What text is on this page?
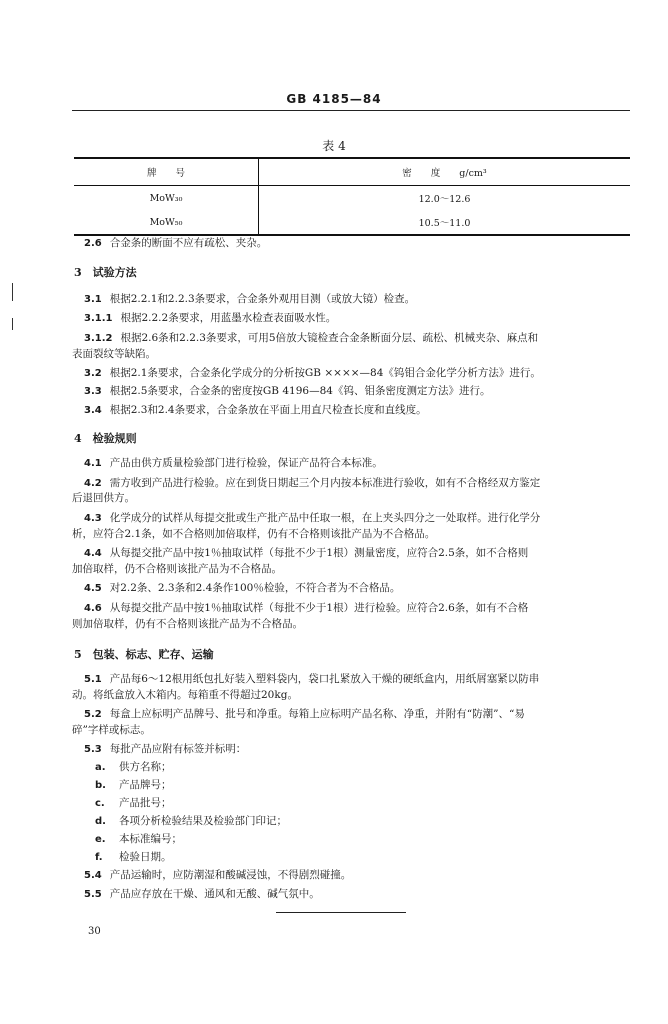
GB 4185—84
表 4
牌　　号	密　　度　　g/cm³
MoW₃₀	12.0～12.6
MoW₅₀	10.5～11.0
2.6 合金条的断面不应有疏松、夹杂。
3　试验方法
3.1 根据2.2.1和2.2.3条要求，合金条外观用目测（或放大镜）检查。
3.1.1 根据2.2.2条要求，用蓝墨水检查表面吸水性。
3.1.2 根据2.6条和2.2.3条要求，可用5倍放大镜检查合金条断面分层、疏松、机械夹杂、麻点和
表面裂纹等缺陷。
3.2 根据2.1条要求，合金条化学成分的分析按GB ××××—84《钨钼合金化学分析方法》进行。
3.3 根据2.5条要求，合金条的密度按GB 4196—84《钨、钼条密度测定方法》进行。
3.4 根据2.3和2.4条要求，合金条放在平面上用直尺检查长度和直线度。
4　检验规则
4.1 产品由供方质量检验部门进行检验，保证产品符合本标准。
4.2 需方收到产品进行检验。应在到货日期起三个月内按本标准进行验收，如有不合格经双方鉴定
后退回供方。
4.3 化学成分的试样从每提交批或生产批产品中任取一根，在上夹头四分之一处取样。进行化学分
析，应符合2.1条，如不合格则加倍取样，仍有不合格则该批产品为不合格品。
4.4 从每提交批产品中按1％抽取试样（每批不少于1根）测量密度，应符合2.5条，如不合格则
加倍取样，仍不合格则该批产品为不合格品。
4.5 对2.2条、2.3条和2.4条作100％检验，不符合者为不合格品。
4.6 从每提交批产品中按1％抽取试样（每批不少于1根）进行检验。应符合2.6条，如有不合格
则加倍取样，仍有不合格则该批产品为不合格品。
5　包装、标志、贮存、运输
5.1 产品每6～12根用纸包扎好装入塑料袋内，袋口扎紧放入干燥的硬纸盒内，用纸屑塞紧以防串
动。将纸盒放入木箱内。每箱重不得超过20kg。
5.2 每盒上应标明产品牌号、批号和净重。每箱上应标明产品名称、净重，并附有“防潮”、“易
碎”字样或标志。
5.3 每批产品应附有标签并标明：
a. 供方名称；
b. 产品牌号；
c. 产品批号；
d. 各项分析检验结果及检验部门印记；
e. 本标准编号；
f. 检验日期。
5.4 产品运输时，应防潮湿和酸碱浸蚀，不得剧烈碰撞。
5.5 产品应存放在干燥、通风和无酸、碱气氛中。
30
